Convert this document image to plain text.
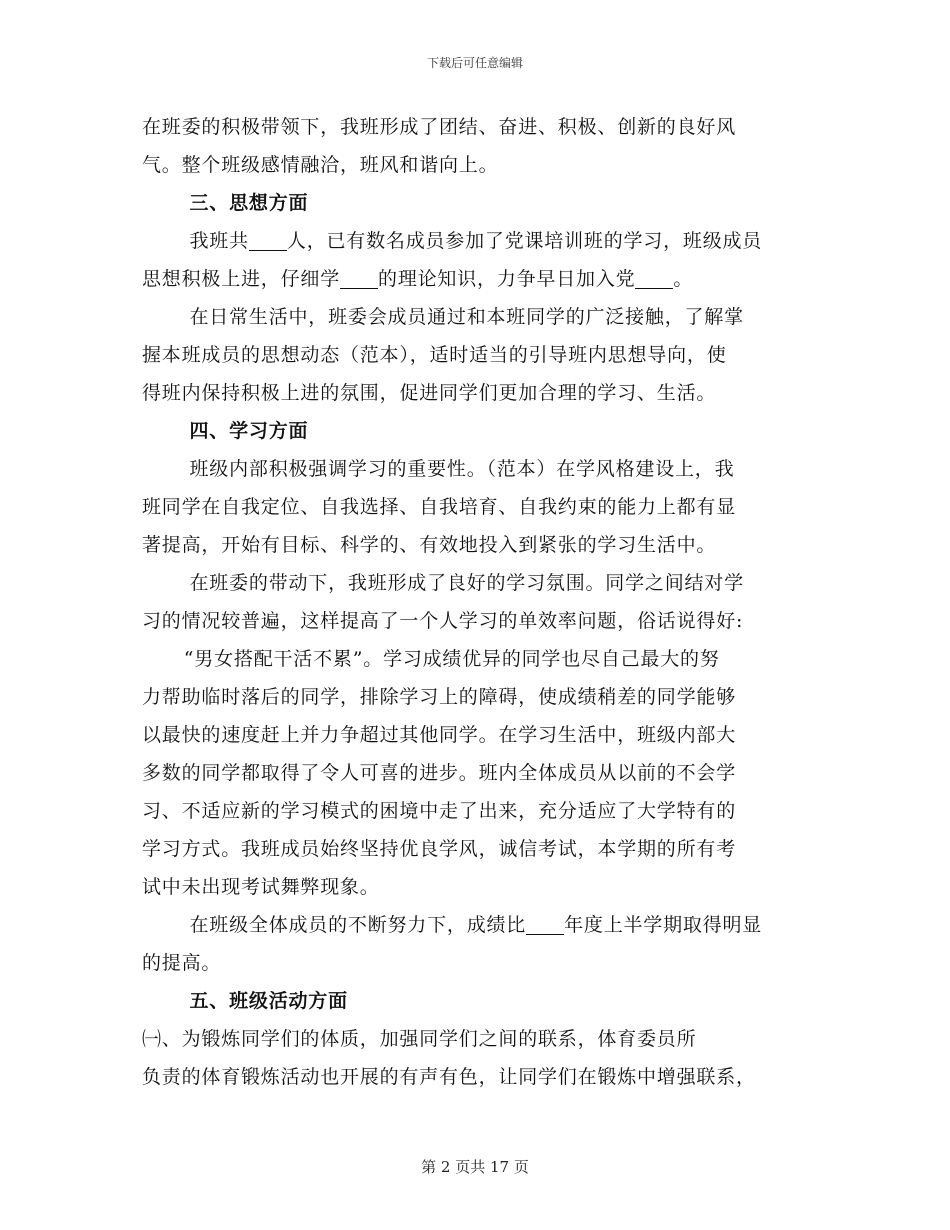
下载后可任意编辑
在班委的积极带领下，我班形成了团结、奋进、积极、创新的良好风
气。整个班级感情融洽，班风和谐向上。
三、思想方面
我班共 人，已有数名成员参加了党课培训班的学习，班级成员
思想积极上进，仔细学 的理论知识，力争早日加入党 。
在日常生活中，班委会成员通过和本班同学的广泛接触，了解掌
握本班成员的思想动态（范本），适时适当的引导班内思想导向，使
得班内保持积极上进的氛围，促进同学们更加合理的学习、生活。
四、学习方面
班级内部积极强调学习的重要性。（范本）在学风格建设上，我
班同学在自我定位、自我选择、自我培育、自我约束的能力上都有显
著提高，开始有目标、科学的、有效地投入到紧张的学习生活中。
在班委的带动下，我班形成了良好的学习氛围。同学之间结对学
习的情况较普遍，这样提高了一个人学习的单效率问题，俗话说得好:
“男女搭配干活不累”。学习成绩优异的同学也尽自己最大的努
力帮助临时落后的同学，排除学习上的障碍，使成绩稍差的同学能够
以最快的速度赶上并力争超过其他同学。在学习生活中，班级内部大
多数的同学都取得了令人可喜的进步。班内全体成员从以前的不会学
习、不适应新的学习模式的困境中走了出来，充分适应了大学特有的
学习方式。我班成员始终坚持优良学风，诚信考试，本学期的所有考
试中未出现考试舞弊现象。
在班级全体成员的不断努力下，成绩比 年度上半学期取得明显
的提高。
五、班级活动方面
㈠、为锻炼同学们的体质，加强同学们之间的联系，体育委员所
负责的体育锻炼活动也开展的有声有色，让同学们在锻炼中增强联系，
第 2 页共 17 页
